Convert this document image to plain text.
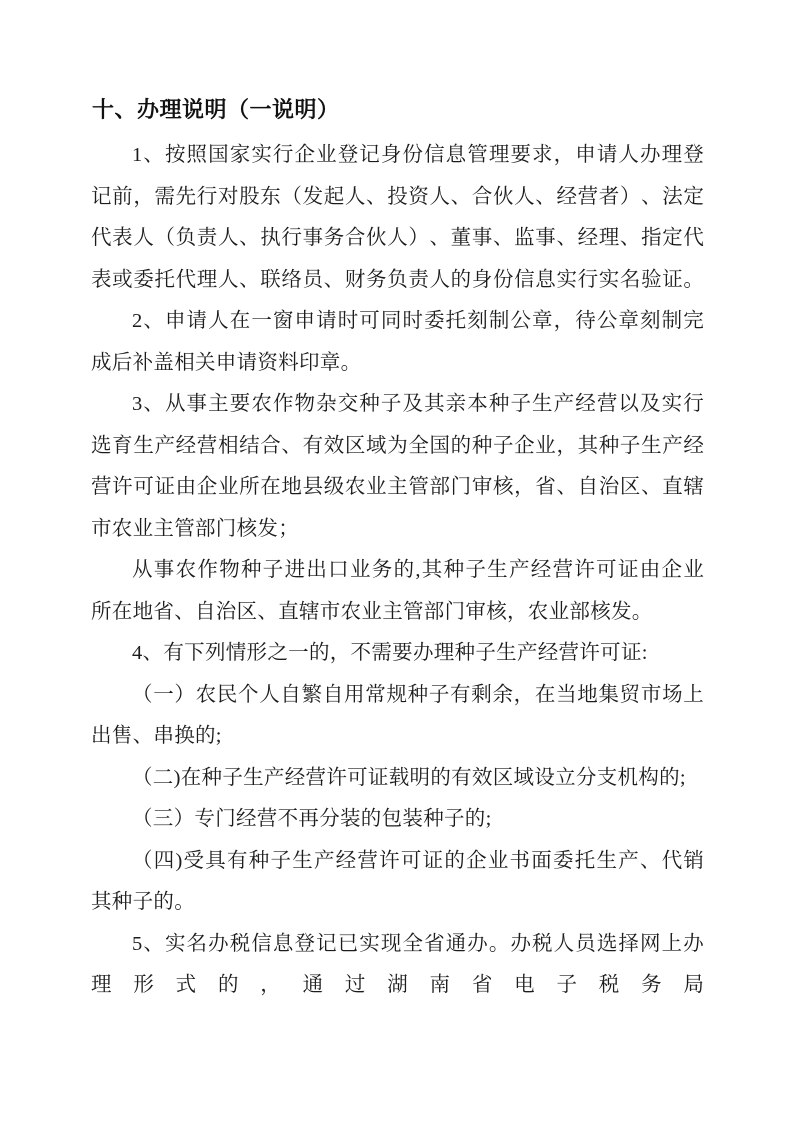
十、办理说明（一说明）
1 、 按 照 国 家 实 行 企 业 登 记 身 份 信 息 管 理 要 求 ， 申 请 人 办 理 登
记 前 ， 需 先 行 对 股 东 （ 发 起 人 、 投 资 人 、 合 伙 人 、 经 营 者 ） 、 法 定
代 表 人 （ 负 责 人 、 执 行 事 务 合 伙 人 ） 、 董 事 、 监 事 、 经 理 、 指 定 代
表 或 委 托 代 理 人 、 联 络 员 、 财 务 负 责 人 的 身 份 信 息 实 行 实 名 验 证 。
2 、 申 请 人 在 一 窗 申 请 时 可 同 时 委 托 刻 制 公 章 ， 待 公 章 刻 制 完
成后补盖相关申请资料印章。
3 、 从 事 主 要 农 作 物 杂 交 种 子 及 其 亲 本 种 子 生 产 经 营 以 及 实 行
选 育 生 产 经 营 相 结 合 、 有 效 区 域 为 全 国 的 种 子 企 业 ， 其 种 子 生 产 经
营 许 可 证 由 企 业 所 在 地 县 级 农 业 主 管 部 门 审 核 ， 省 、 自 治 区 、 直 辖
市农业主管部门核发；
从 事 农 作 物 种 子 进 出 口 业 务 的 , 其 种 子 生 产 经 营 许 可 证 由 企 业
所在地省、自治区、直辖市农业主管部门审核，农业部核发。
4、有下列情形之一的，不需要办理种子生产经营许可证:
（ 一 ） 农 民 个 人 自 繁 自 用 常 规 种 子 有 剩 余 ， 在 当 地 集 贸 市 场 上
出售、串换的;
（二)在种子生产经营许可证载明的有效区域设立分支机构的;
（三）专门经营不再分装的包装种子的;
（ 四 ) 受 具 有 种 子 生 产 经 营 许 可 证 的 企 业 书 面 委 托 生 产 、 代 销
其种子的。
5 、 实 名 办 税 信 息 登 记 已 实 现 全 省 通 办 。 办 税 人 员 选 择 网 上 办
理 形 式 的 ， 通 过 湖 南 省 电 子 税 务 局
